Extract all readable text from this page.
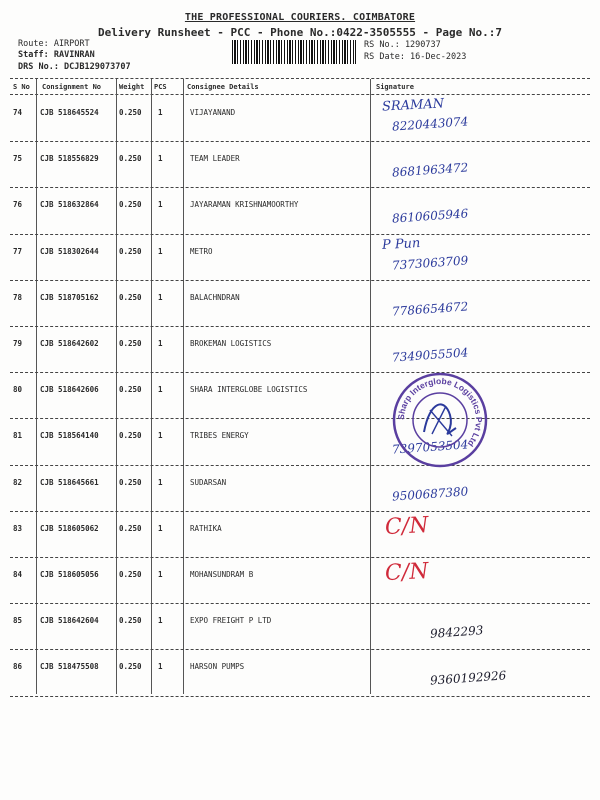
THE PROFESSIONAL COURIERS. COIMBATORE
Delivery Runsheet - PCC - Phone No.:0422-3505555 - Page No.:7
Route: AIRPORT
Staff: RAVINRAN
DRS No.: DCJB129073707
RS No.: 1290737
RS Date: 16-Dec-2023
S No Consignment No	Weight PCS	Consignee Details	Signature
74 CJB 518645524	0.250 1	VIJAYANAND	SRAMAN
8220443074
75 CJB 518556829	0.250 1	TEAM LEADER
8681963472
76 CJB 518632864	0.250 1	JAYARAMAN KRISHNAMOORTHY
8610605946
77 CJB 518302644	0.250 1	METRO	P Pun
7373063709
78 CJB 518705162	0.250 1	BALACHNDRAN
7786654672
79 CJB 518642602	0.250 1	BROKEMAN LOGISTICS
7349055504
80 CJB 518642606	0.250 1	SHARA INTERGLOBE LOGISTICS
81 CJB 518564140	0.250 1	TRIBES ENERGY
7397053504
82 CJB 518645661	0.250 1	SUDARSAN
9500687380
83 CJB 518605062	0.250 1	RATHIKA	C/N
84 CJB 518605056	0.250 1	MOHANSUNDRAM B	C/N
85 CJB 518642604	0.250 1	EXPO FREIGHT P LTD
9842293
86 CJB 518475508	0.250 1	HARSON PUMPS
9360192926
Sharp Interglobe Logistics Pvt Ltd
